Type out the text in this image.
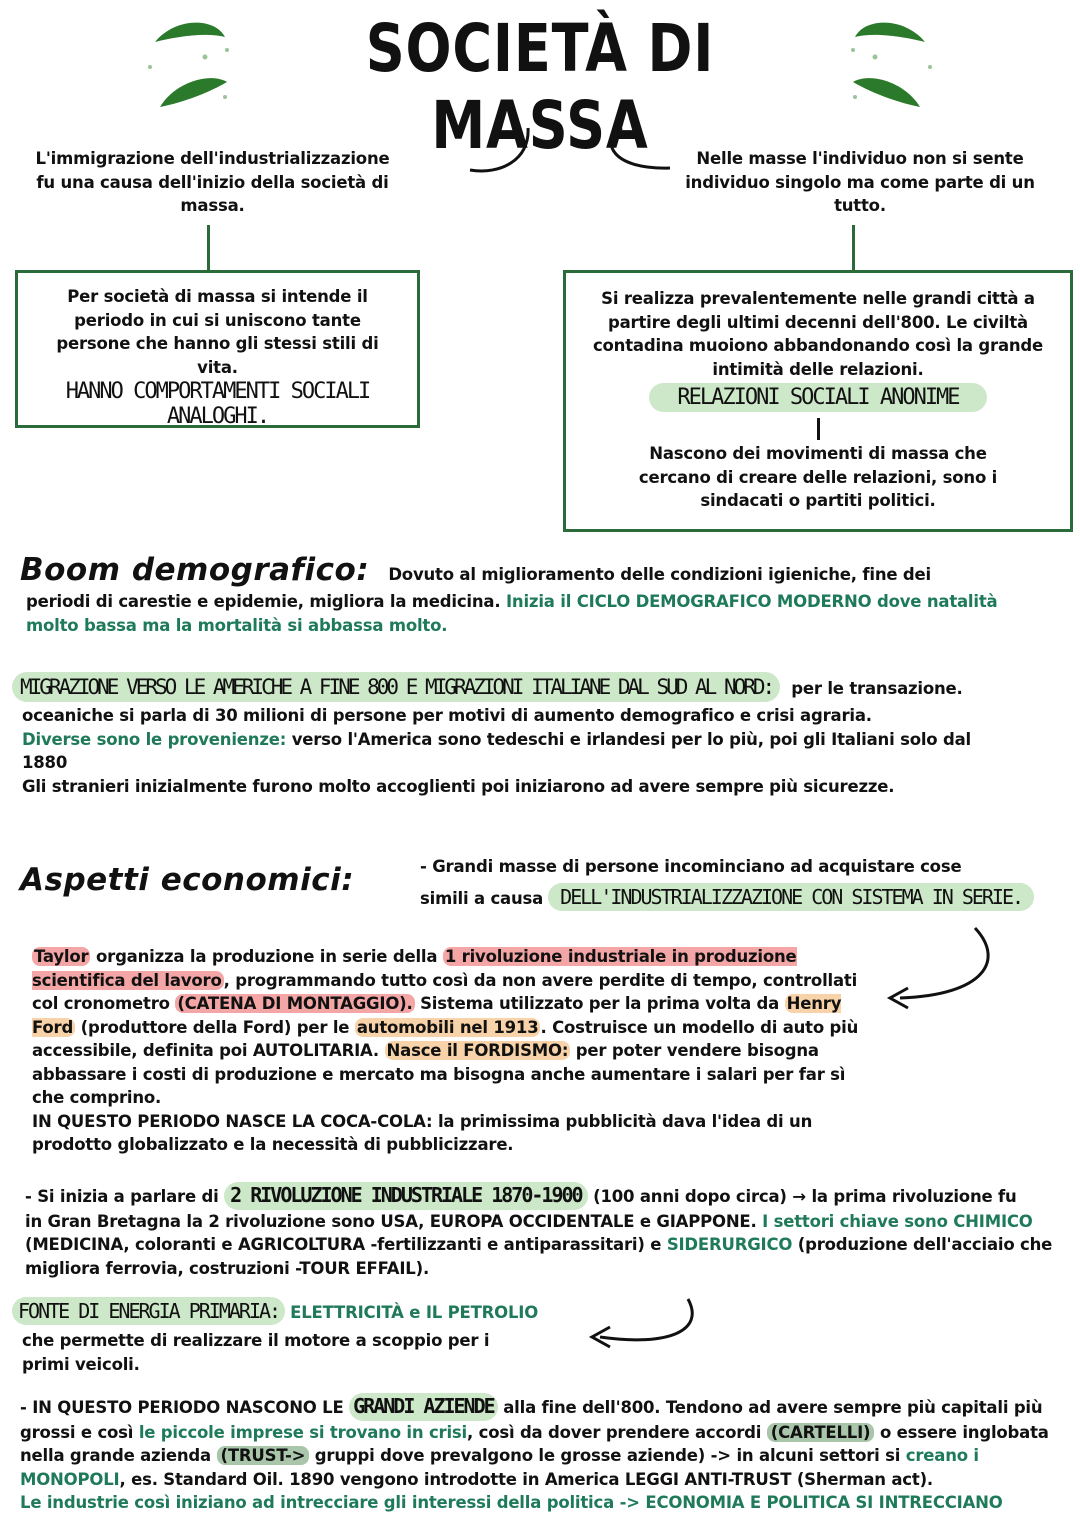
SOCIETÀ DI MASSA
L'immigrazione dell'industrializzazione fu una causa dell'inizio della società di massa.
Nelle masse l'individuo non si sente individuo singolo ma come parte di un tutto.
Per società di massa si intende il periodo in cui si uniscono tante persone che hanno gli stessi stili di vita.
HANNO COMPORTAMENTI SOCIALI ANALOGHI.
Si realizza prevalentemente nelle grandi città a partire degli ultimi decenni dell'800. Le civiltà contadina muoiono abbandonando così la grande intimità delle relazioni.
RELAZIONI SOCIALI ANONIME
Nascono dei movimenti di massa che cercano di creare delle relazioni, sono i sindacati o partiti politici.

Boom demografico: Dovuto al miglioramento delle condizioni igieniche, fine dei

periodi di carestie e epidemie, migliora la medicina. Inizia il CICLO DEMOGRAFICO MODERNO dove natalità

molto bassa ma la mortalità si abbassa molto.

MIGRAZIONE VERSO LE AMERICHE A FINE 800 E MIGRAZIONI ITALIANE DAL SUD AL NORD: per le transazione.

oceaniche si parla di 30 milioni di persone per motivi di aumento demografico e crisi agraria.

Diverse sono le provenienze: verso l'America sono tedeschi e irlandesi per lo più, poi gli Italiani solo dal

1880

Gli stranieri inizialmente furono molto accoglienti poi iniziarono ad avere sempre più sicurezze.

Aspetti economici:	- Grandi masse di persone incominciano ad acquistare cose

simili a causa DELL'INDUSTRIALIZZAZIONE CON SISTEMA IN SERIE.

Taylor organizza la produzione in serie della 1 rivoluzione industriale in produzione scientifica del lavoro , programmando tutto così da non avere perdite di tempo, controllati col cronometro (CATENA DI MONTAGGIO). Sistema utilizzato per la prima volta da Henry Ford (produttore della Ford) per le automobili nel 1913 . Costruisce un modello di auto più accessibile, definita poi AUTOLITARIA. Nasce il FORDISMO: per poter vendere bisogna abbassare i costi di produzione e mercato ma bisogna anche aumentare i salari per far sì che comprino.
IN QUESTO PERIODO NASCE LA COCA-COLA: la primissima pubblicità dava l'idea di un prodotto globalizzato e la necessità di pubblicizzare.
- Si inizia a parlare di 2 RIVOLUZIONE INDUSTRIALE 1870-1900 (100 anni dopo circa) → la prima rivoluzione fu
in Gran Bretagna la 2 rivoluzione sono USA, EUROPA OCCIDENTALE e GIAPPONE. I settori chiave sono CHIMICO (MEDICINA, coloranti e AGRICOLTURA -fertilizzanti e antiparassitari) e SIDERURGICO (produzione dell'acciaio che migliora ferrovia, costruzioni -TOUR EFFAIL).

FONTE DI ENERGIA PRIMARIA: ELETTRICITÀ e IL PETROLIO

che permette di realizzare il motore a scoppio per i

primi veicoli.

- IN QUESTO PERIODO NASCONO LE GRANDI AZIENDE alla fine dell'800. Tendono ad avere sempre più capitali più
grossi e così le piccole imprese si trovano in crisi, così da dover prendere accordi (CARTELLI) o essere inglobata nella grande azienda (TRUST-> gruppi dove prevalgono le grosse aziende) -> in alcuni settori si creano i MONOPOLI, es. Standard Oil. 1890 vengono introdotte in America LEGGI ANTI-TRUST (Sherman act).
Le industrie così iniziano ad intrecciare gli interessi della politica -> ECONOMIA E POLITICA SI INTRECCIANO
